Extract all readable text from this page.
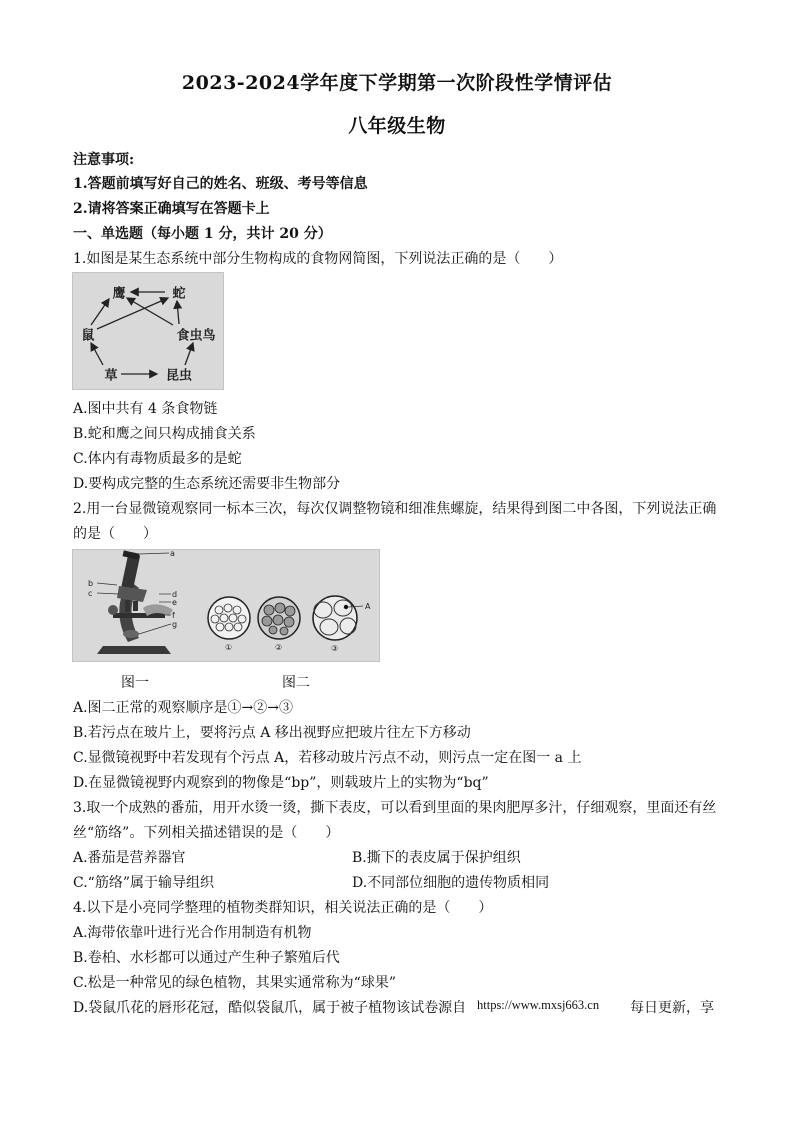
2023-2024学年度下学期第一次阶段性学情评估
八年级生物
注意事项:
1.答题前填写好自己的姓名、班级、考号等信息
2.请将答案正确填写在答题卡上
一、单选题（每小题 1 分，共计 20 分）
1.如图是某生态系统中部分生物构成的食物网简图，下列说法正确的是（　　）
鹰	蛇
鼠	食虫鸟
草	昆虫
A.图中共有 4 条食物链
B.蛇和鹰之间只构成捕食关系
C.体内有毒物质最多的是蛇
D.要构成完整的生态系统还需要非生物部分
2.用一台显微镜观察同一标本三次，每次仅调整物镜和细准焦螺旋，结果得到图二中各图，下列说法正确
的是（　　）
a
b
c	d
e
f
g
①	②	③
A
图一	图二
A.图二正常的观察顺序是①→②→③
B.若污点在玻片上，要将污点 A 移出视野应把玻片往左下方移动
C.显微镜视野中若发现有个污点 A，若移动玻片污点不动，则污点一定在图一 a 上
D.在显微镜视野内观察到的物像是“bp”，则载玻片上的实物为“bq”
3.取一个成熟的番茄，用开水烫一烫，撕下表皮，可以看到里面的果肉肥厚多汁，仔细观察，里面还有丝
丝“筋络”。下列相关描述错误的是（　　）
A.番茄是营养器官	B.撕下的表皮属于保护组织
C.“筋络”属于输导组织	D.不同部位细胞的遗传物质相同
4.以下是小亮同学整理的植物类群知识，相关说法正确的是（　　）
A.海带依靠叶进行光合作用制造有机物
B.卷柏、水杉都可以通过产生种子繁殖后代
C.松是一种常见的绿色植物，其果实通常称为“球果”
D.袋鼠爪花的唇形花冠，酷似袋鼠爪，属于被子植物该试卷源自 https://www.mxsj663.cn 每日更新，享
